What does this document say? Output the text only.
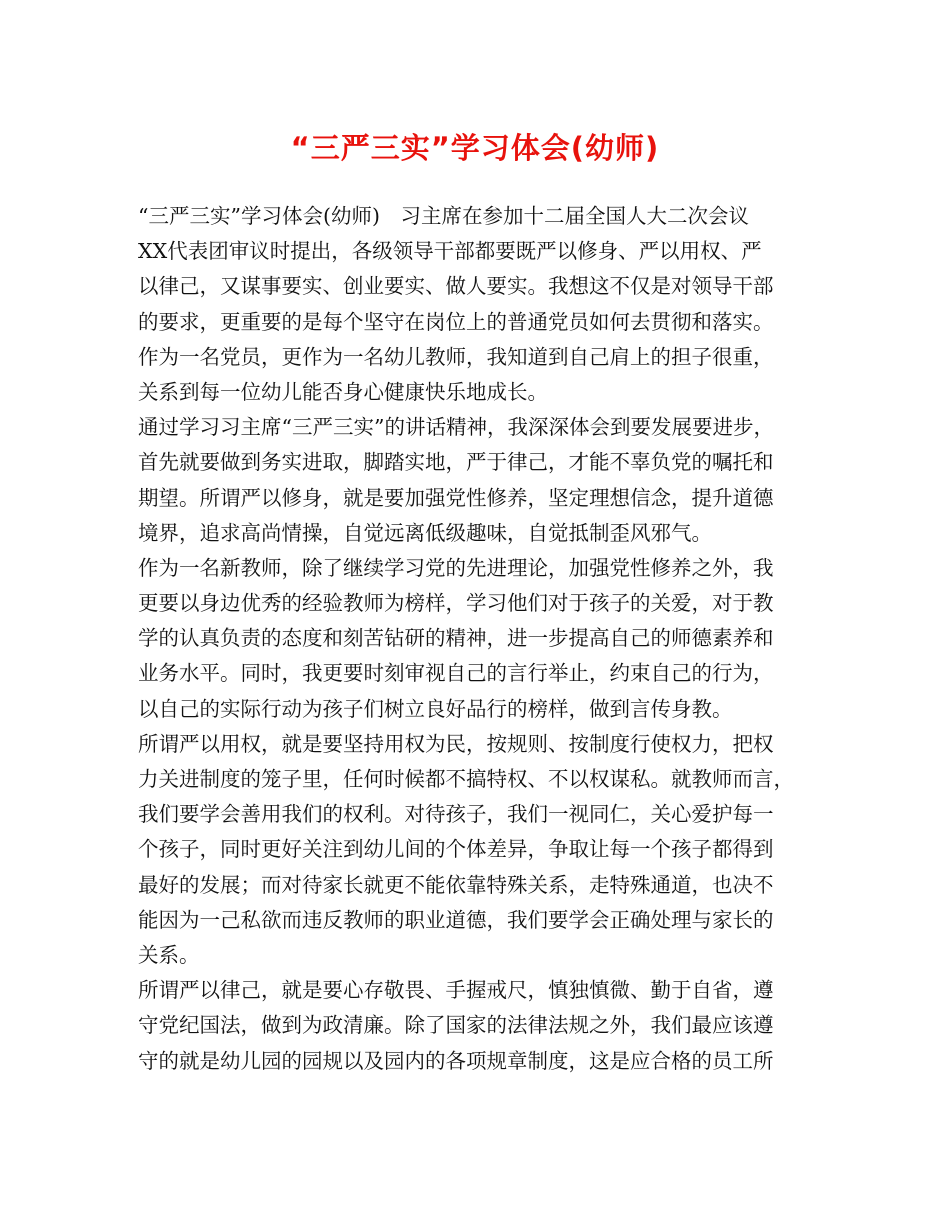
“三严三实”学习体会(幼师)
“三严三实”学习体会(幼师)　习主席在参加十二届全国人大二次会议
XX代表团审议时提出，各级领导干部都要既严以修身、严以用权、严
以律己，又谋事要实、创业要实、做人要实。我想这不仅是对领导干部
的要求，更重要的是每个坚守在岗位上的普通党员如何去贯彻和落实。
作为一名党员，更作为一名幼儿教师，我知道到自己肩上的担子很重，
关系到每一位幼儿能否身心健康快乐地成长。
通过学习习主席“三严三实”的讲话精神，我深深体会到要发展要进步，
首先就要做到务实进取，脚踏实地，严于律己，才能不辜负党的嘱托和
期望。所谓严以修身，就是要加强党性修养，坚定理想信念，提升道德
境界，追求高尚情操，自觉远离低级趣味，自觉抵制歪风邪气。
作为一名新教师，除了继续学习党的先进理论，加强党性修养之外，我
更要以身边优秀的经验教师为榜样，学习他们对于孩子的关爱，对于教
学的认真负责的态度和刻苦钻研的精神，进一步提高自己的师德素养和
业务水平。同时，我更要时刻审视自己的言行举止，约束自己的行为，
以自己的实际行动为孩子们树立良好品行的榜样，做到言传身教。
所谓严以用权，就是要坚持用权为民，按规则、按制度行使权力，把权
力关进制度的笼子里，任何时候都不搞特权、不以权谋私。就教师而言，
我们要学会善用我们的权利。对待孩子，我们一视同仁，关心爱护每一
个孩子，同时更好关注到幼儿间的个体差异，争取让每一个孩子都得到
最好的发展；而对待家长就更不能依靠特殊关系，走特殊通道，也决不
能因为一己私欲而违反教师的职业道德，我们要学会正确处理与家长的
关系。
所谓严以律己，就是要心存敬畏、手握戒尺，慎独慎微、勤于自省，遵
守党纪国法，做到为政清廉。除了国家的法律法规之外，我们最应该遵
守的就是幼儿园的园规以及园内的各项规章制度，这是应合格的员工所
